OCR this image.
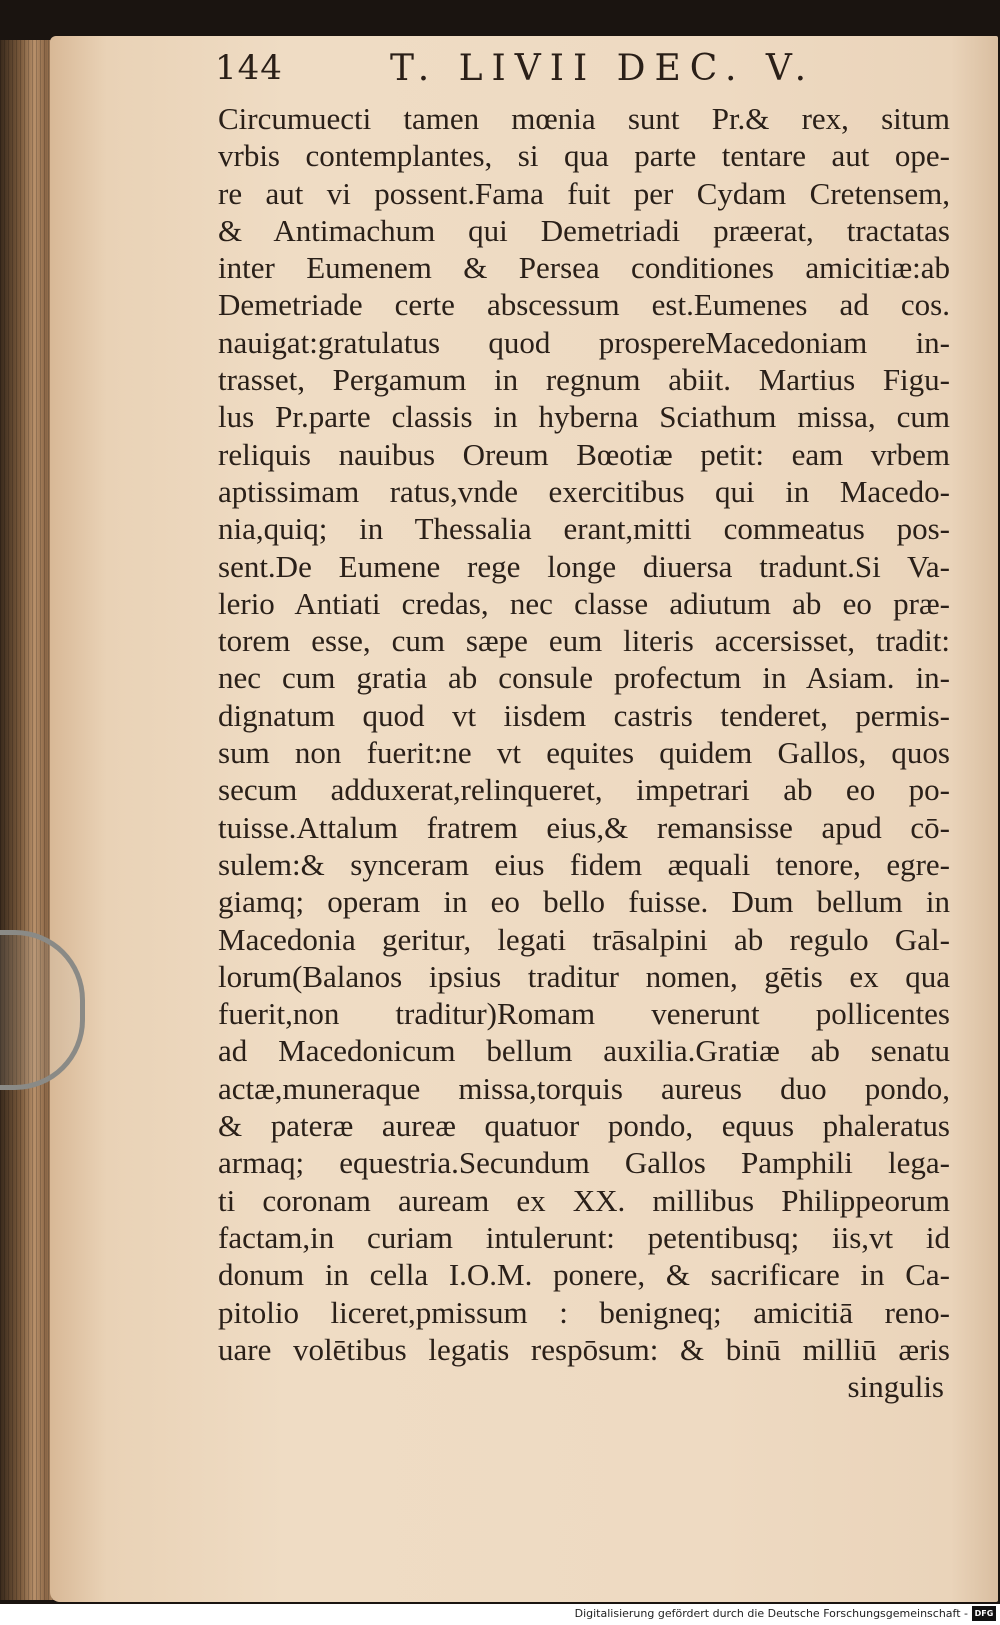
144	T. LIVII DEC. V.
Circumuecti tamen mœnia sunt Pr.& rex, situm
vrbis contemplantes, si qua parte tentare aut ope-
re aut vi possent.Fama fuit per Cydam Cretensem,
& Antimachum qui Demetriadi præerat, tractatas
inter Eumenem & Persea conditiones amicitiæ:ab
Demetriade certe abscessum est.Eumenes ad cos.
nauigat:gratulatus quod prospereMacedoniam in-
trasset, Pergamum in regnum abiit. Martius Figu-
lus Pr.parte classis in hyberna Sciathum missa, cum
reliquis nauibus Oreum Bœotiæ petit: eam vrbem
aptissimam ratus,vnde exercitibus qui in Macedo-
nia,quiq; in Thessalia erant,mitti commeatus pos-
sent.De Eumene rege longe diuersa tradunt.Si Va-
lerio Antiati credas, nec classe adiutum ab eo præ-
torem esse, cum sæpe eum literis accersisset, tradit:
nec cum gratia ab consule profectum in Asiam. in-
dignatum quod vt iisdem castris tenderet, permis-
sum non fuerit:ne vt equites quidem Gallos, quos
secum adduxerat,relinqueret, impetrari ab eo po-
tuisse.Attalum fratrem eius,& remansisse apud cō-
sulem:& synceram eius fidem æquali tenore, egre-
giamq; operam in eo bello fuisse. Dum bellum in
Macedonia geritur, legati trāsalpini ab regulo Gal-
lorum(Balanos ipsius traditur nomen, gētis ex qua
fuerit,non traditur)Romam venerunt pollicentes
ad Macedonicum bellum auxilia.Gratiæ ab senatu
actæ,muneraque missa,torquis aureus duo pondo,
& pateræ aureæ quatuor pondo, equus phaleratus
armaq; equestria.Secundum Gallos Pamphili lega-
ti coronam auream ex XX. millibus Philippeorum
factam,in curiam intulerunt: petentibusq; iis,vt id
donum in cella I.O.M. ponere, & sacrificare in Ca-
pitolio liceret,pmissum : benigneq; amicitiā reno-
uare volētibus legatis respōsum: & binū milliū æris
singulis
Digitalisierung gefördert durch die Deutsche Forschungsgemeinschaft - DFG
